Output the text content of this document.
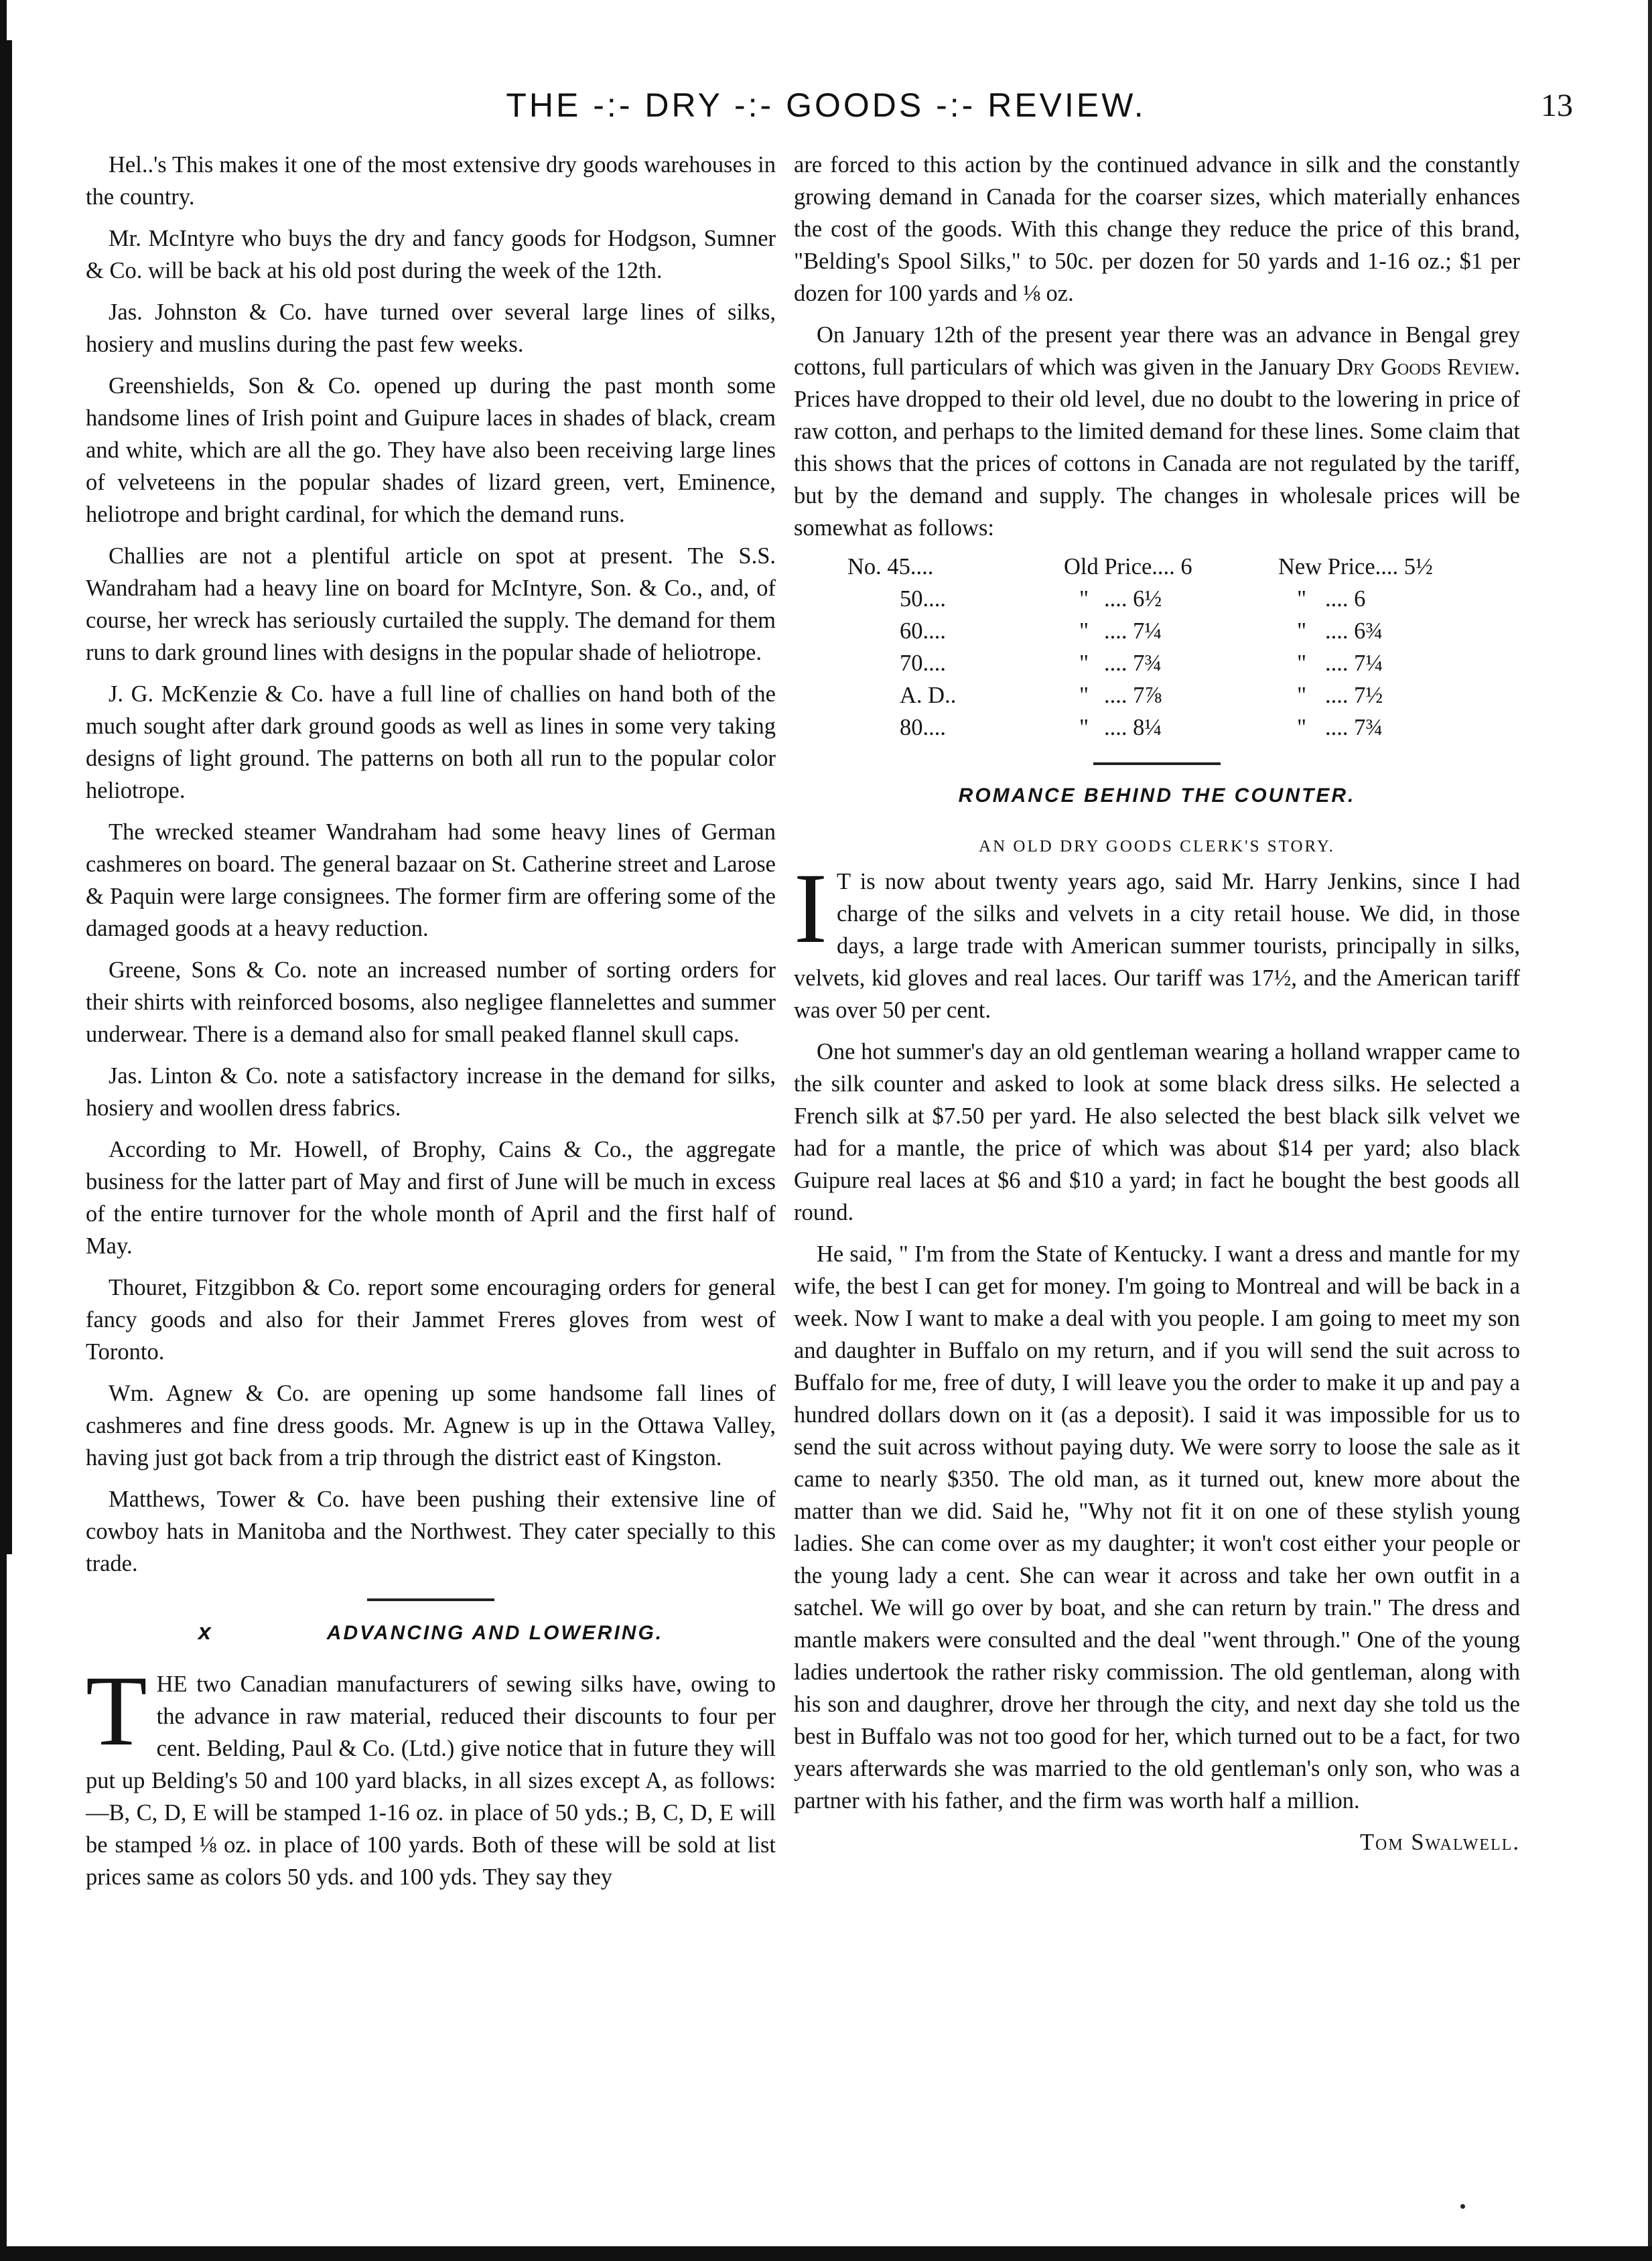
THE -:- DRY -:- GOODS -:- REVIEW.	13

Hel..'s This makes it one of the most extensive dry goods warehouses in the country.

Mr. McIntyre who buys the dry and fancy goods for Hodgson, Sumner & Co. will be back at his old post during the week of the 12th.

Jas. Johnston & Co. have turned over several large lines of silks, hosiery and muslins during the past few weeks.

Greenshields, Son & Co. opened up during the past month some handsome lines of Irish point and Guipure laces in shades of black, cream and white, which are all the go. They have also been receiving large lines of velveteens in the popular shades of lizard green, vert, Eminence, heliotrope and bright cardinal, for which the demand runs.

Challies are not a plentiful article on spot at present. The S.S. Wandraham had a heavy line on board for McIntyre, Son. & Co., and, of course, her wreck has seriously curtailed the supply. The demand for them runs to dark ground lines with designs in the popular shade of heliotrope.

J. G. McKenzie & Co. have a full line of challies on hand both of the much sought after dark ground goods as well as lines in some very taking designs of light ground. The patterns on both all run to the popular color heliotrope.

The wrecked steamer Wandraham had some heavy lines of German cashmeres on board. The general bazaar on St. Catherine street and Larose & Paquin were large consignees. The former firm are offering some of the damaged goods at a heavy reduction.

Greene, Sons & Co. note an increased number of sorting orders for their shirts with reinforced bosoms, also negligee flannelettes and summer underwear. There is a demand also for small peaked flannel skull caps.

Jas. Linton & Co. note a satisfactory increase in the demand for silks, hosiery and woollen dress fabrics.

According to Mr. Howell, of Brophy, Cains & Co., the aggregate business for the latter part of May and first of June will be much in excess of the entire turnover for the whole month of April and the first half of May.

Thouret, Fitzgibbon & Co. report some encouraging orders for general fancy goods and also for their Jammet Freres gloves from west of Toronto.

Wm. Agnew & Co. are opening up some handsome fall lines of cashmeres and fine dress goods. Mr. Agnew is up in the Ottawa Valley, having just got back from a trip through the district east of Kingston.

Matthews, Tower & Co. have been pushing their extensive line of cowboy hats in Manitoba and the Northwest. They cater specially to this trade.

x	ADVANCING AND LOWERING.

THE two Canadian manufacturers of sewing silks have, owing to the advance in raw material, reduced their discounts to four per cent. Belding, Paul & Co. (Ltd.) give notice that in future they will put up Belding's 50 and 100 yard blacks, in all sizes except A, as follows:—B, C, D, E will be stamped 1-16 oz. in place of 50 yds.; B, C, D, E will be stamped ⅛ oz. in place of 100 yards. Both of these will be sold at list prices same as colors 50 yds. and 100 yds. They say they

are forced to this action by the continued advance in silk and the constantly growing demand in Canada for the coarser sizes, which materially enhances the cost of the goods. With this change they reduce the price of this brand, "Belding's Spool Silks," to 50c. per dozen for 50 yards and 1-16 oz.; $1 per dozen for 100 yards and ⅛ oz.

On January 12th of the present year there was an advance in Bengal grey cottons, full particulars of which was given in the January Dry Goods Review. Prices have dropped to their old level, due no doubt to the lowering in price of raw cotton, and perhaps to the limited demand for these lines. Some claim that this shows that the prices of cottons in Canada are not regulated by the tariff, but by the demand and supply. The changes in wholesale prices will be somewhat as follows:

No. 45....	Old Price.... 6		New Price.... 5½	
50....	"	.... 6½	"	.... 6
60....	"	.... 7¼	"	.... 6¾
70....	"	.... 7¾	"	.... 7¼
A. D..	"	.... 7⅞	"	.... 7½
80....	"	.... 8¼	"	.... 7¾
ROMANCE BEHIND THE COUNTER.
AN OLD DRY GOODS CLERK'S STORY.

I T is now about twenty years ago, said Mr. Harry Jenkins, since I had charge of the silks and velvets in a city retail house. We did, in those days, a large trade with American summer tourists, principally in silks, velvets, kid gloves and real laces. Our tariff was 17½, and the American tariff was over 50 per cent.

One hot summer's day an old gentleman wearing a holland wrapper came to the silk counter and asked to look at some black dress silks. He selected a French silk at $7.50 per yard. He also selected the best black silk velvet we had for a mantle, the price of which was about $14 per yard; also black Guipure real laces at $6 and $10 a yard; in fact he bought the best goods all round.

He said, " I'm from the State of Kentucky. I want a dress and mantle for my wife, the best I can get for money. I'm going to Montreal and will be back in a week. Now I want to make a deal with you people. I am going to meet my son and daughter in Buffalo on my return, and if you will send the suit across to Buffalo for me, free of duty, I will leave you the order to make it up and pay a hundred dollars down on it (as a deposit). I said it was impossible for us to send the suit across without paying duty. We were sorry to loose the sale as it came to nearly $350. The old man, as it turned out, knew more about the matter than we did. Said he, "Why not fit it on one of these stylish young ladies. She can come over as my daughter; it won't cost either your people or the young lady a cent. She can wear it across and take her own outfit in a satchel. We will go over by boat, and she can return by train." The dress and mantle makers were consulted and the deal "went through." One of the young ladies undertook the rather risky commission. The old gentleman, along with his son and daughrer, drove her through the city, and next day she told us the best in Buffalo was not too good for her, which turned out to be a fact, for two years afterwards she was married to the old gentleman's only son, who was a partner with his father, and the firm was worth half a million.

Tom Swalwell.
